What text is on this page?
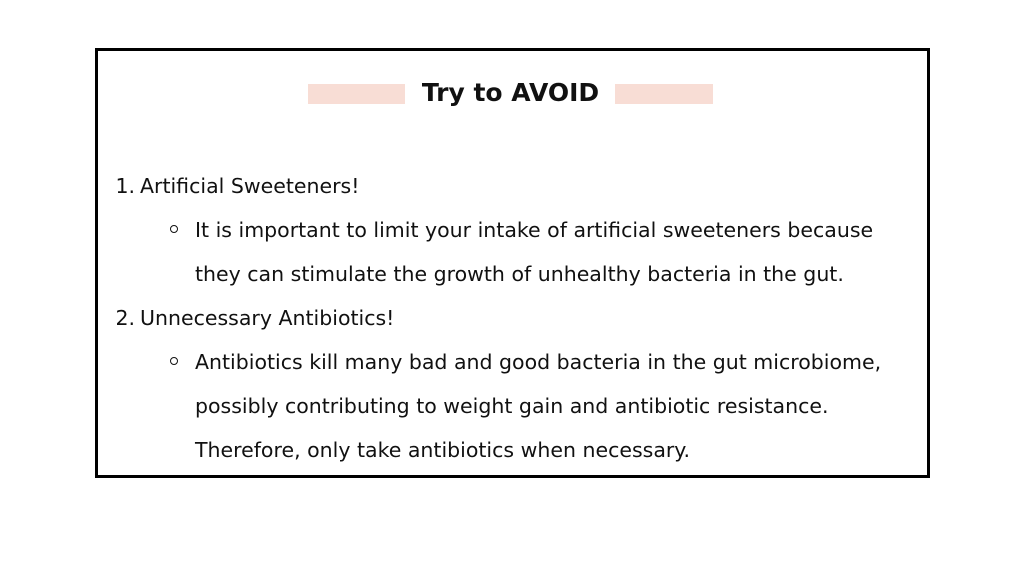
Try to AVOID
1. Artificial Sweeteners!
It is important to limit your intake of artificial sweeteners because
they can stimulate the growth of unhealthy bacteria in the gut.
2. Unnecessary Antibiotics!
Antibiotics kill many bad and good bacteria in the gut microbiome,
possibly contributing to weight gain and antibiotic resistance.
Therefore, only take antibiotics when necessary.
